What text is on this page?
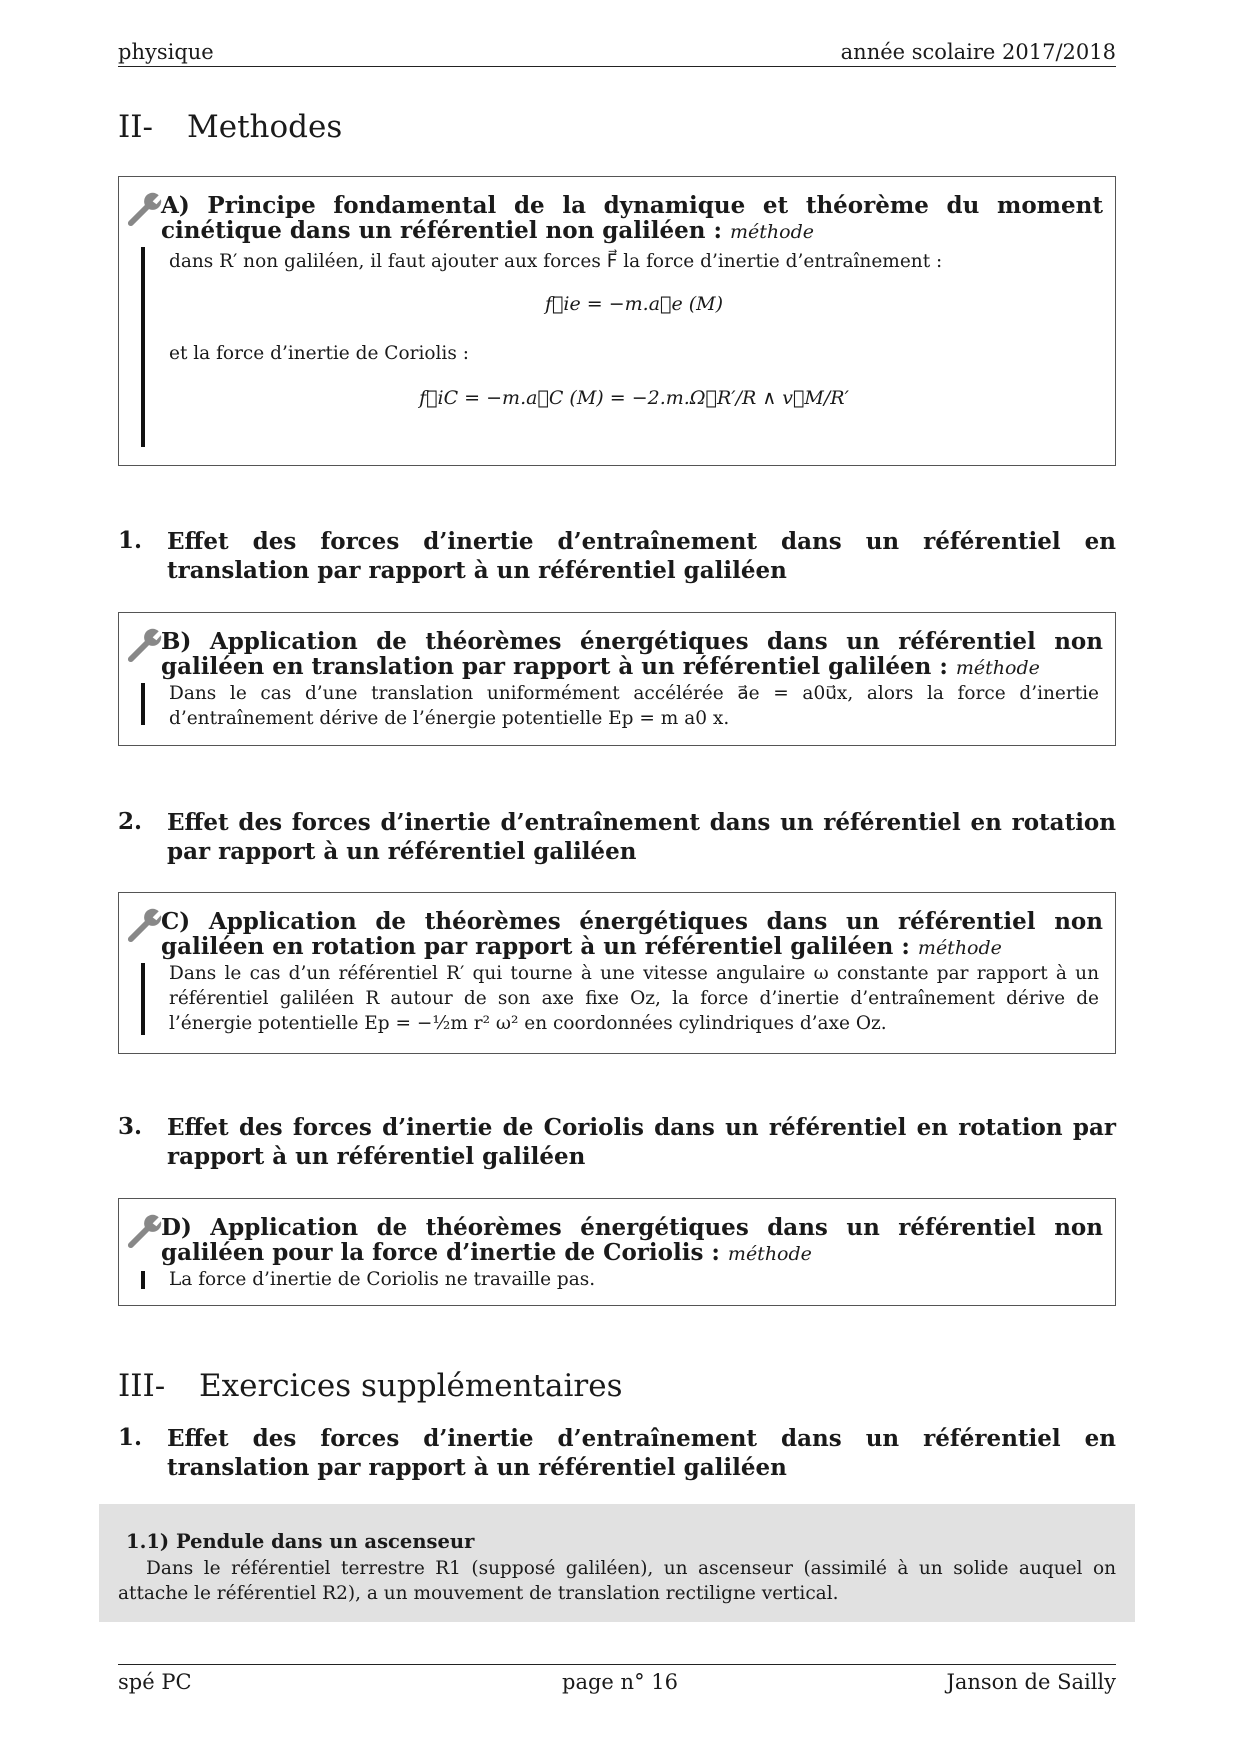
physique	année scolaire 2017/2018
II- Methodes
A) Principe fondamental de la dynamique et théorème du moment cinétique dans un référentiel non galiléen : méthode
dans R′ non galiléen, il faut ajouter aux forces F⃗ la force d’inertie d’entraînement :
f⃗ie = −m.a⃗e (M)
et la force d’inertie de Coriolis :
f⃗iC = −m.a⃗C (M) = −2.m.Ω⃗R′/R ∧ v⃗M/R′
1. Effet des forces d’inertie d’entraînement dans un référentiel en translation par rapport à un référentiel galiléen
B) Application de théorèmes énergétiques dans un référentiel non galiléen en translation par rapport à un référentiel galiléen : méthode
Dans le cas d’une translation uniformément accélérée a⃗e = a0u⃗x, alors la force d’inertie d’entraînement dérive de l’énergie potentielle Ep = m a0 x.
2. Effet des forces d’inertie d’entraînement dans un référentiel en rotation par rapport à un référentiel galiléen
C) Application de théorèmes énergétiques dans un référentiel non galiléen en rotation par rapport à un référentiel galiléen : méthode
Dans le cas d’un référentiel R′ qui tourne à une vitesse angulaire ω constante par rapport à un référentiel galiléen R autour de son axe fixe Oz, la force d’inertie d’entraînement dérive de l’énergie potentielle Ep = −½m r² ω² en coordonnées cylindriques d’axe Oz.
3. Effet des forces d’inertie de Coriolis dans un référentiel en rotation par rapport à un référentiel galiléen
D) Application de théorèmes énergétiques dans un référentiel non galiléen pour la force d’inertie de Coriolis : méthode
La force d’inertie de Coriolis ne travaille pas.
III- Exercices supplémentaires
1. Effet des forces d’inertie d’entraînement dans un référentiel en translation par rapport à un référentiel galiléen
1.1) Pendule dans un ascenseur
Dans le référentiel terrestre R1 (supposé galiléen), un ascenseur (assimilé à un solide auquel on attache le référentiel R2), a un mouvement de translation rectiligne vertical.
spé PC	page n° 16	Janson de Sailly
